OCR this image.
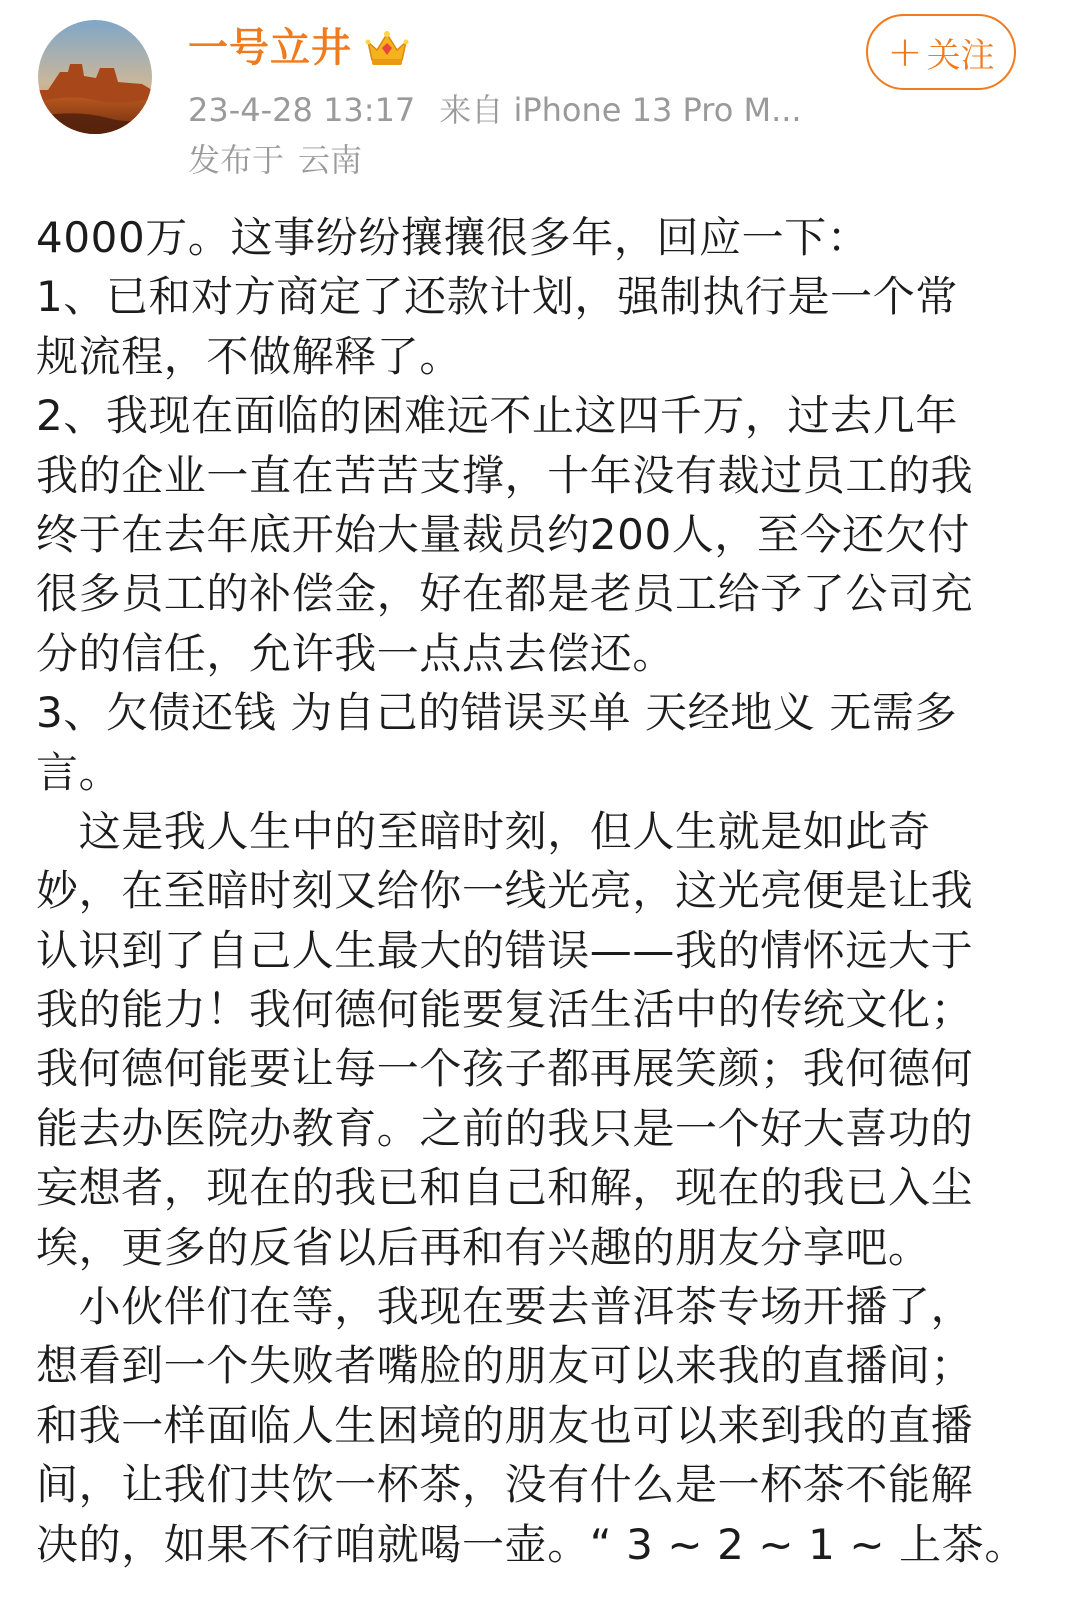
一号立井
23-4-28 13:17 来自 iPhone 13 Pro M...
发布于 云南
+ 关注
4000万。这事纷纷攘攘很多年，回应一下：
1、已和对方商定了还款计划，强制执行是一个常
规流程，不做解释了。
2、我现在面临的困难远不止这四千万，过去几年
我的企业一直在苦苦支撑，十年没有裁过员工的我
终于在去年底开始大量裁员约200人，至今还欠付
很多员工的补偿金，好在都是老员工给予了公司充
分的信任，允许我一点点去偿还。
3、欠债还钱 为自己的错误买单 天经地义 无需多
言。
　这是我人生中的至暗时刻，但人生就是如此奇
妙，在至暗时刻又给你一线光亮，这光亮便是让我
认识到了自己人生最大的错误——我的情怀远大于
我的能力！我何德何能要复活生活中的传统文化；
我何德何能要让每一个孩子都再展笑颜；我何德何
能去办医院办教育。之前的我只是一个好大喜功的
妄想者，现在的我已和自己和解，现在的我已入尘
埃，更多的反省以后再和有兴趣的朋友分享吧。
　小伙伴们在等，我现在要去普洱茶专场开播了，
想看到一个失败者嘴脸的朋友可以来我的直播间；
和我一样面临人生困境的朋友也可以来到我的直播
间，让我们共饮一杯茶，没有什么是一杯茶不能解
决的，如果不行咱就喝一壶。“ 3 ~ 2 ~ 1 ~ 上茶。
